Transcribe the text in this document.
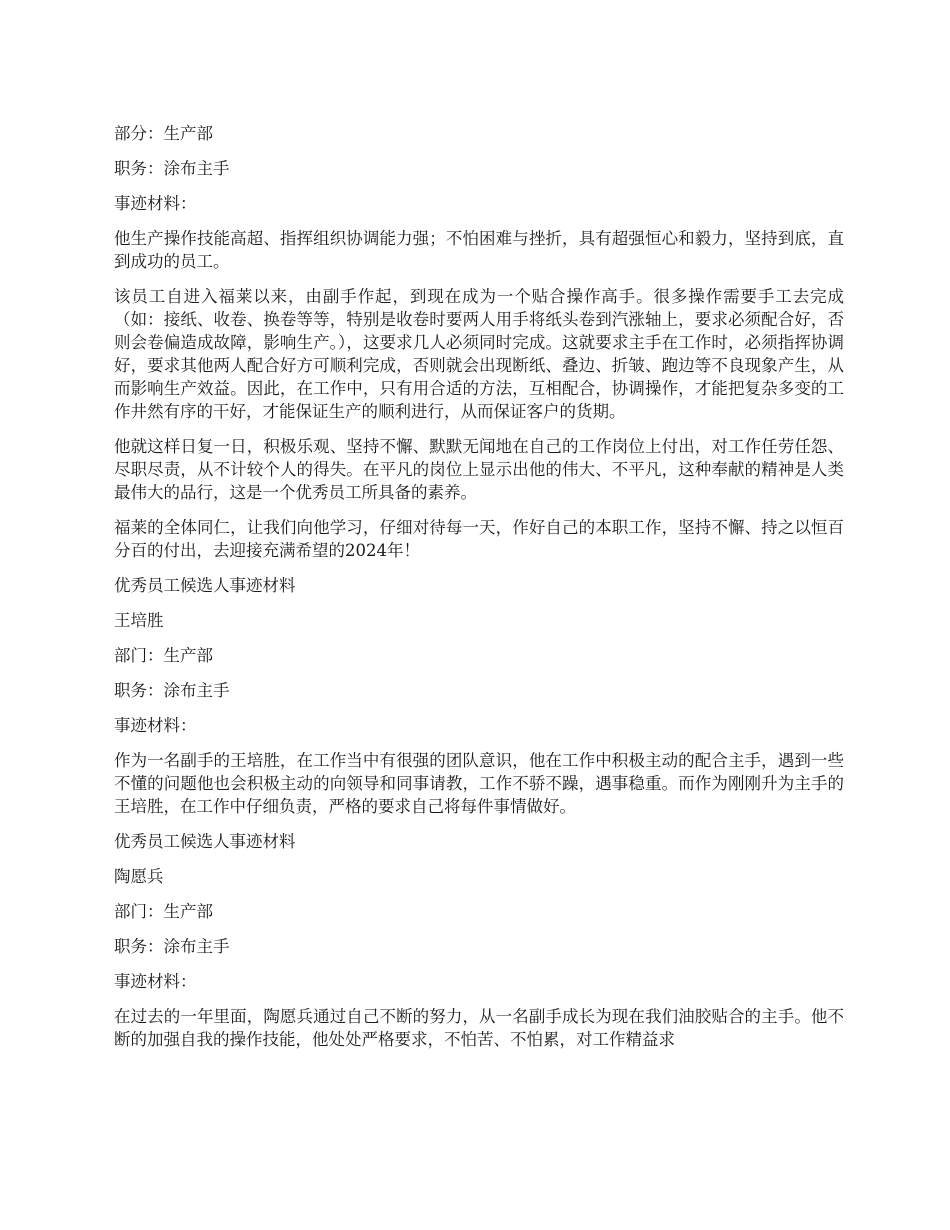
部分：生产部

职务：涂布主手

事迹材料：

他生产操作技能高超、指挥组织协调能力强；不怕困难与挫折，具有超强恒心和毅力，坚持到底，直到成功的员工。

该员工自进入福莱以来，由副手作起，到现在成为一个贴合操作高手。很多操作需要手工去完成（如：接纸、收卷、换卷等等，特别是收卷时要两人用手将纸头卷到汽涨轴上，要求必须配合好，否则会卷偏造成故障，影响生产。），这要求几人必须同时完成。这就要求主手在工作时，必须指挥协调好，要求其他两人配合好方可顺利完成，否则就会出现断纸、叠边、折皱、跑边等不良现象产生，从而影响生产效益。因此，在工作中，只有用合适的方法，互相配合，协调操作，才能把复杂多变的工作井然有序的干好，才能保证生产的顺利进行，从而保证客户的货期。

他就这样日复一日，积极乐观、坚持不懈、默默无闻地在自己的工作岗位上付出，对工作任劳任怨、尽职尽责，从不计较个人的得失。在平凡的岗位上显示出他的伟大、不平凡，这种奉献的精神是人类最伟大的品行，这是一个优秀员工所具备的素养。

福莱的全体同仁，让我们向他学习，仔细对待每一天，作好自己的本职工作，坚持不懈、持之以恒百分百的付出，去迎接充满希望的2024年！

优秀员工候选人事迹材料

王培胜

部门：生产部

职务：涂布主手

事迹材料：

作为一名副手的王培胜，在工作当中有很强的团队意识，他在工作中积极主动的配合主手，遇到一些不懂的问题他也会积极主动的向领导和同事请教，工作不骄不躁，遇事稳重。而作为刚刚升为主手的王培胜，在工作中仔细负责，严格的要求自己将每件事情做好。

优秀员工候选人事迹材料

陶愿兵

部门：生产部

职务：涂布主手

事迹材料：

在过去的一年里面，陶愿兵通过自己不断的努力，从一名副手成长为现在我们油胶贴合的主手。他不断的加强自我的操作技能，他处处严格要求，不怕苦、不怕累，对工作精益求
